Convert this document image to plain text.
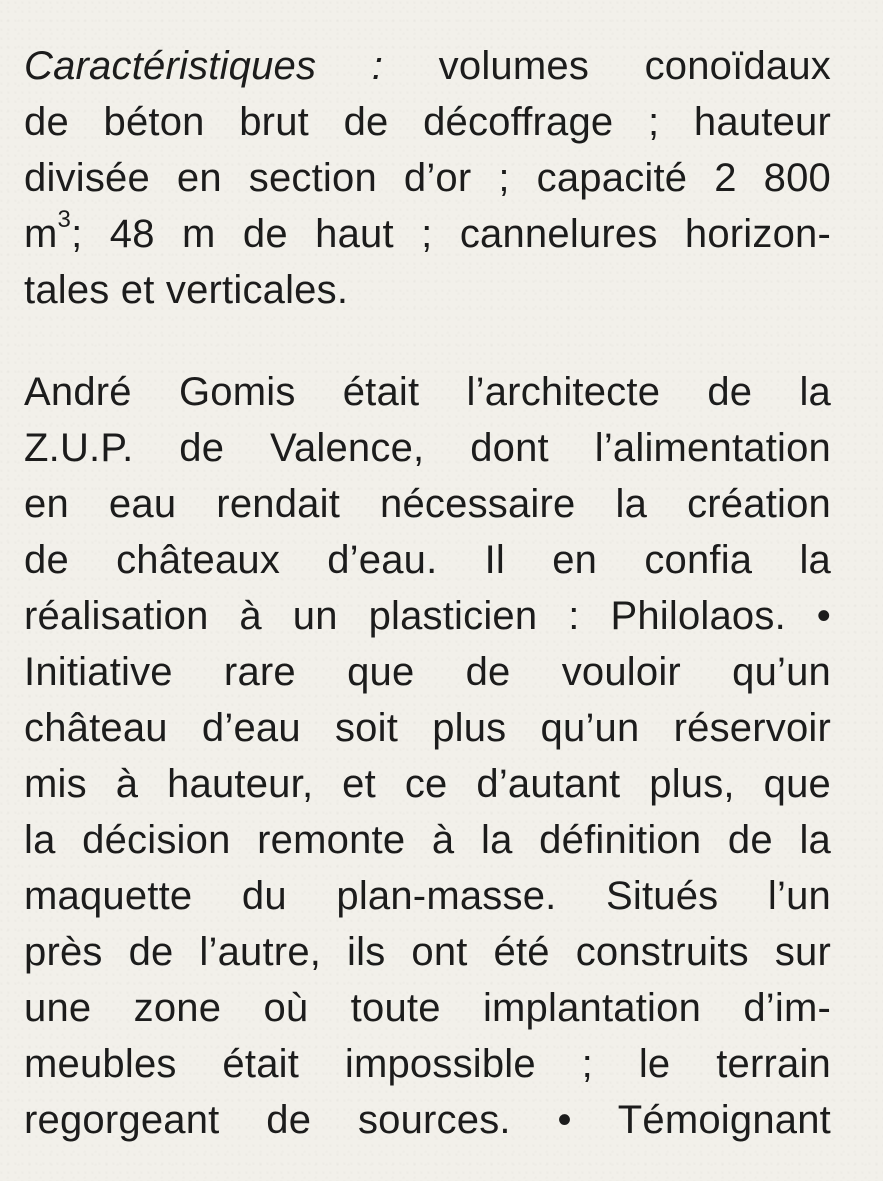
Caractéristiques : volumes conoïdaux
de béton brut de décoffrage ; hauteur
divisée en section d’or ; capacité 2 800
$m^3$; 48 m de haut ; cannelures horizon-
tales et verticales.
André Gomis était l’architecte de la
Z.U.P. de Valence, dont l’alimentation
en eau rendait nécessaire la création
de châteaux d’eau. Il en confia la
réalisation à un plasticien : Philolaos. •
Initiative rare que de vouloir qu’un
château d’eau soit plus qu’un réservoir
mis à hauteur, et ce d’autant plus, que
la décision remonte à la définition de la
maquette du plan-masse. Situés l’un
près de l’autre, ils ont été construits sur
une zone où toute implantation d’im-
meubles était impossible ; le terrain
regorgeant de sources. • Témoignant
